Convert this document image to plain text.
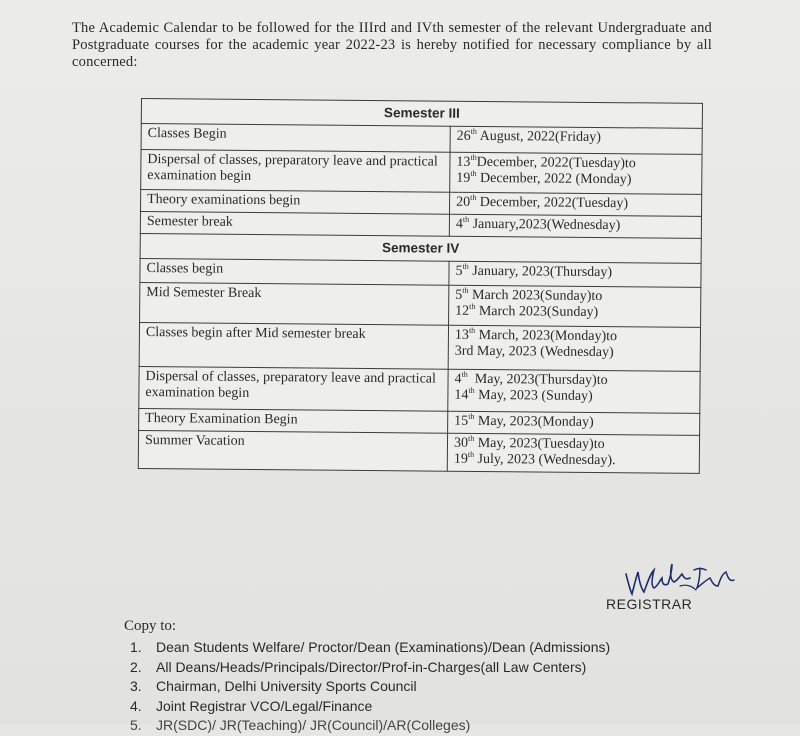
The Academic Calendar to be followed for the IIIrd and IVth semester of the relevant Undergraduate and Postgraduate courses for the academic year 2022-23 is hereby notified for necessary compliance by all concerned:

Semester III	
Classes Begin	26th August, 2022(Friday)

Dispersal of classes, preparatory leave and practical examination begin	13thDecember, 2022(Tuesday)to
19th December, 2022 (Monday)

Theory examinations begin	20th December, 2022(Tuesday)

Semester break	4th January,2023(Wednesday)

Semester IV	
Classes begin	5th January, 2023(Thursday)

Mid Semester Break	5th March 2023(Sunday)to
12th March 2023(Sunday)

Classes begin after Mid semester break	13th March, 2023(Monday)to
3rd May, 2023 (Wednesday)

Dispersal of classes, preparatory leave and practical examination begin	4th  May, 2023(Thursday)to
14th May, 2023 (Sunday)

Theory Examination Begin	15th May, 2023(Monday)

Summer Vacation	30th May, 2023(Tuesday)to
19th July, 2023 (Wednesday).
REGISTRAR
Copy to:
1. Dean Students Welfare/ Proctor/Dean (Examinations)/Dean (Admissions)
2. All Deans/Heads/Principals/Director/Prof-in-Charges(all Law Centers)
3. Chairman, Delhi University Sports Council
4. Joint Registrar VCO/Legal/Finance
5. JR(SDC)/ JR(Teaching)/ JR(Council)/AR(Colleges)
